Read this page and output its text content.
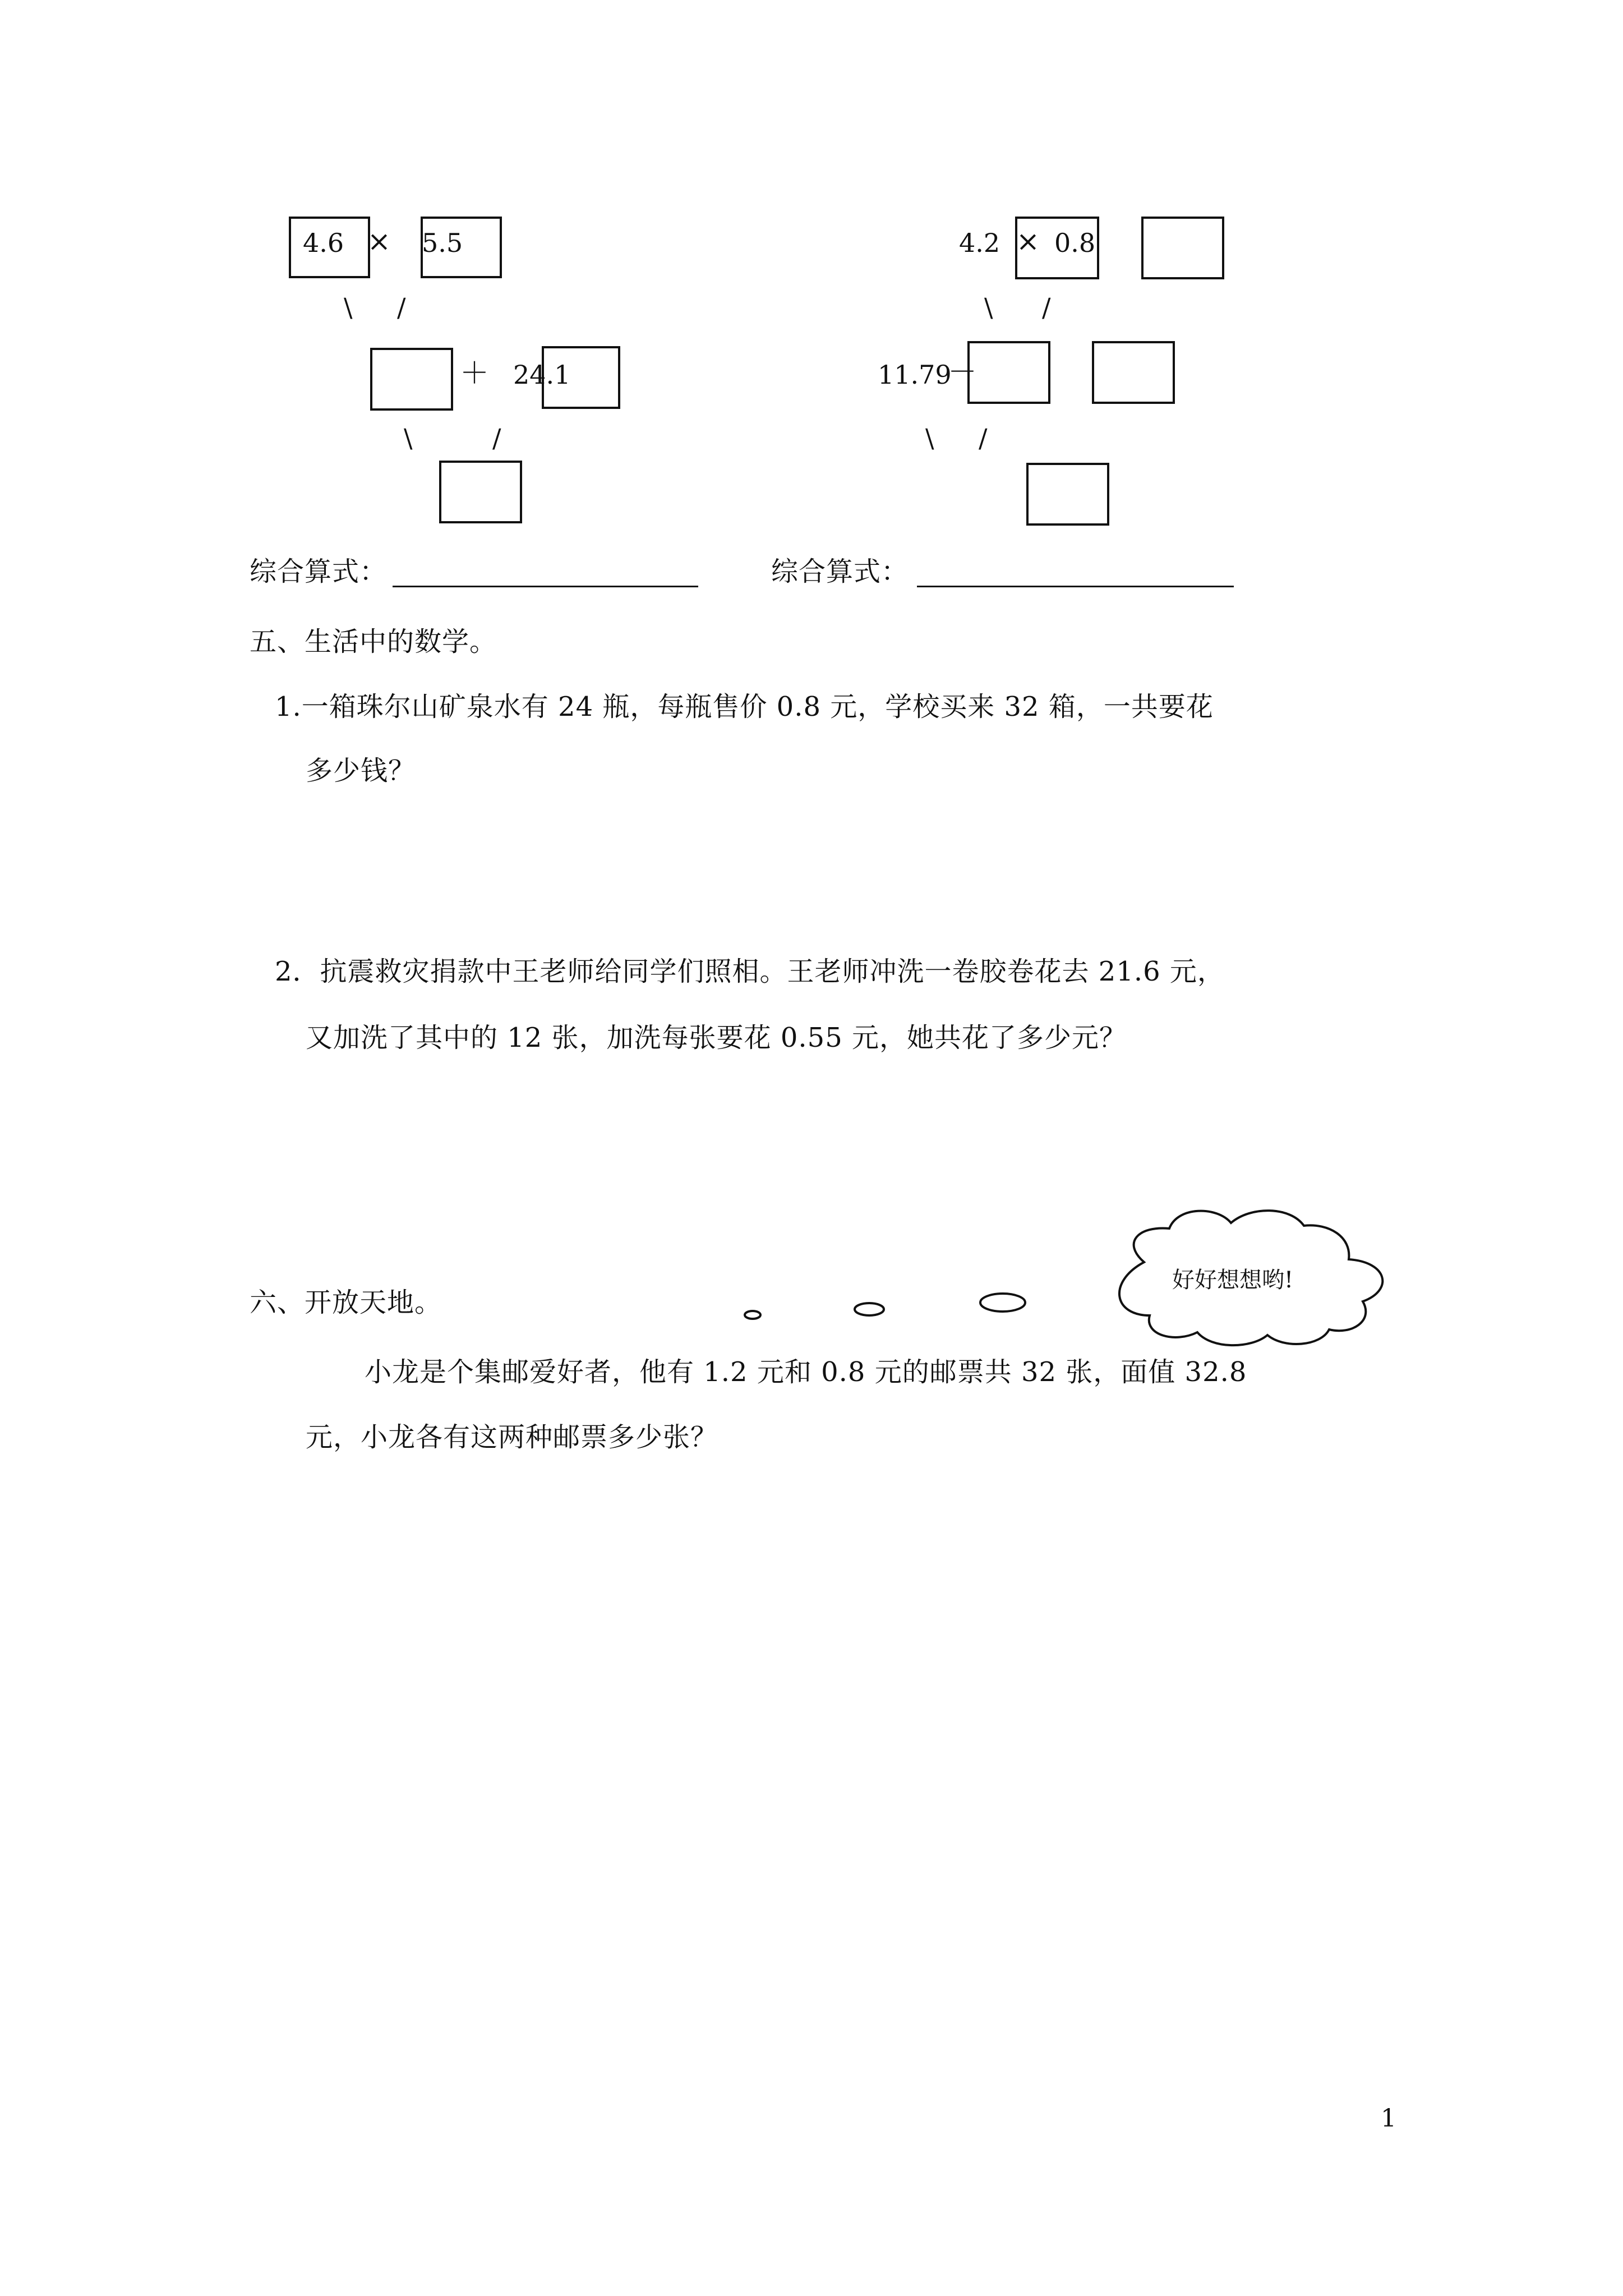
4.6 × 5.5
\ /
＋ 24.1
\	/
4.2 × 0.8
\ /
11.79
－
\ /
综合算式：	综合算式：
五、生活中的数学。
1.一箱珠尔山矿泉水有 24 瓶，每瓶售价 0.8 元，学校买来 32 箱，一共要花
多少钱？
2．抗震救灾捐款中王老师给同学们照相。王老师冲洗一卷胶卷花去 21.6 元，
又加洗了其中的 12 张，加洗每张要花 0.55 元，她共花了多少元？
六、开放天地。
好好想想哟!
小龙是个集邮爱好者，他有 1.2 元和 0.8 元的邮票共 32 张，面值 32.8
元，小龙各有这两种邮票多少张？
1
